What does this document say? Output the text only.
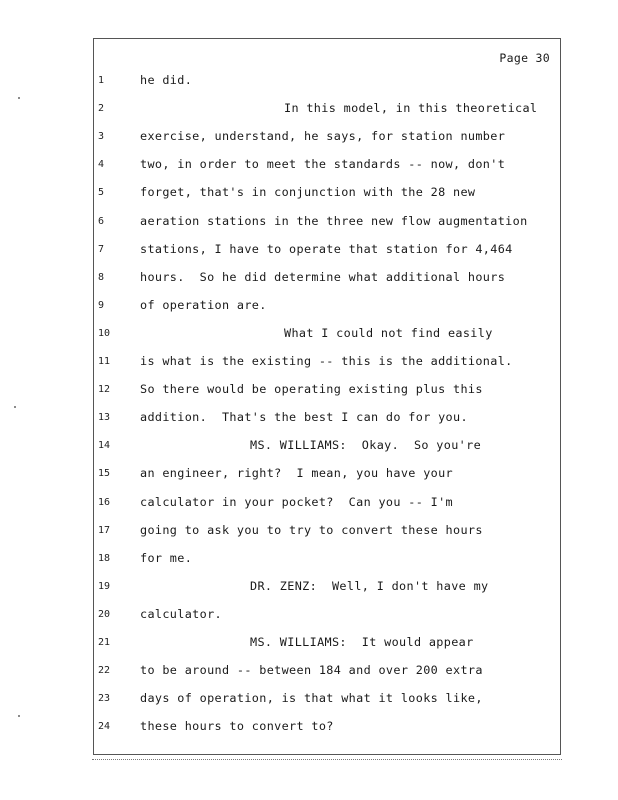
Page 30
1	he did.
2	In this model, in this theoretical
3	exercise, understand, he says, for station number
4	two, in order to meet the standards -- now, don't
5	forget, that's in conjunction with the 28 new
6	aeration stations in the three new flow augmentation
7	stations, I have to operate that station for 4,464
8	hours.  So he did determine what additional hours
9	of operation are.
10	What I could not find easily
11	is what is the existing -- this is the additional.
12	So there would be operating existing plus this
13	addition.  That's the best I can do for you.
14	MS. WILLIAMS:  Okay.  So you're
15	an engineer, right?  I mean, you have your
16	calculator in your pocket?  Can you -- I'm
17	going to ask you to try to convert these hours
18	for me.
19	DR. ZENZ:  Well, I don't have my
20	calculator.
21	MS. WILLIAMS:  It would appear
22	to be around -- between 184 and over 200 extra
23	days of operation, is that what it looks like,
24	these hours to convert to?
